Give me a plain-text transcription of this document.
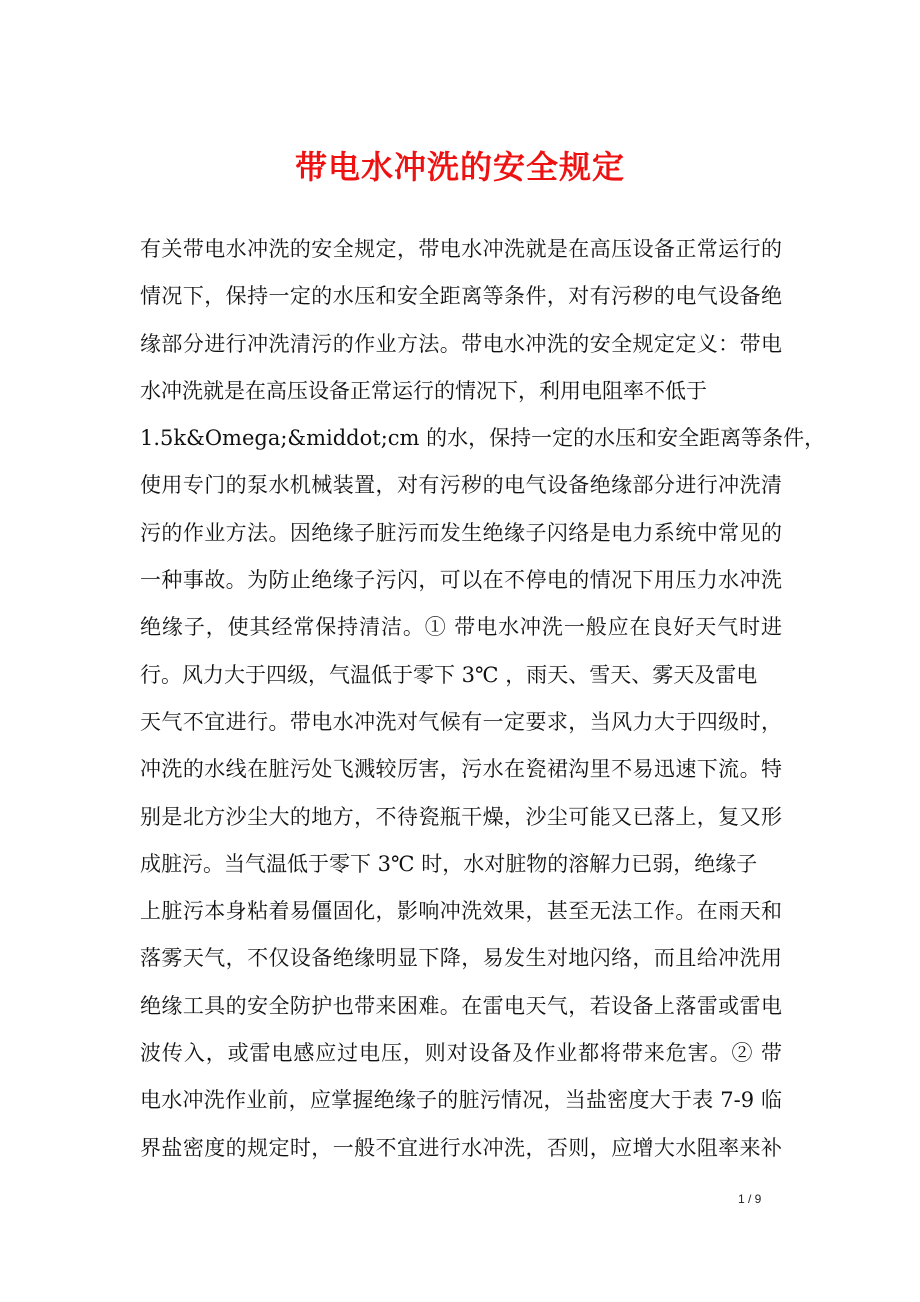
带电水冲洗的安全规定
有关带电水冲洗的安全规定，带电水冲洗就是在高压设备正常运行的
情况下，保持一定的水压和安全距离等条件，对有污秽的电气设备绝
缘部分进行冲洗清污的作业方法。带电水冲洗的安全规定定义：带电
水冲洗就是在高压设备正常运行的情况下，利用电阻率不低于
1.5k&Omega;&middot;cm 的水，保持一定的水压和安全距离等条件，
使用专门的泵水机械装置，对有污秽的电气设备绝缘部分进行冲洗清
污的作业方法。因绝缘子脏污而发生绝缘子闪络是电力系统中常见的
一种事故。为防止绝缘子污闪，可以在不停电的情况下用压力水冲洗
绝缘子，使其经常保持清洁。① 带电水冲洗一般应在良好天气时进
行。风力大于四级，气温低于零下 3℃ ，雨天、雪天、雾天及雷电
天气不宜进行。带电水冲洗对气候有一定要求，当风力大于四级时，
冲洗的水线在脏污处飞溅较厉害，污水在瓷裙沟里不易迅速下流。特
别是北方沙尘大的地方，不待瓷瓶干燥，沙尘可能又已落上，复又形
成脏污。当气温低于零下 3℃ 时，水对脏物的溶解力已弱，绝缘子
上脏污本身粘着易僵固化，影响冲洗效果，甚至无法工作。在雨天和
落雾天气，不仅设备绝缘明显下降，易发生对地闪络，而且给冲洗用
绝缘工具的安全防护也带来困难。在雷电天气，若设备上落雷或雷电
波传入，或雷电感应过电压，则对设备及作业都将带来危害。② 带
电水冲洗作业前，应掌握绝缘子的脏污情况，当盐密度大于表 7-9 临
界盐密度的规定时，一般不宜进行水冲洗，否则，应增大水阻率来补
1 / 9
